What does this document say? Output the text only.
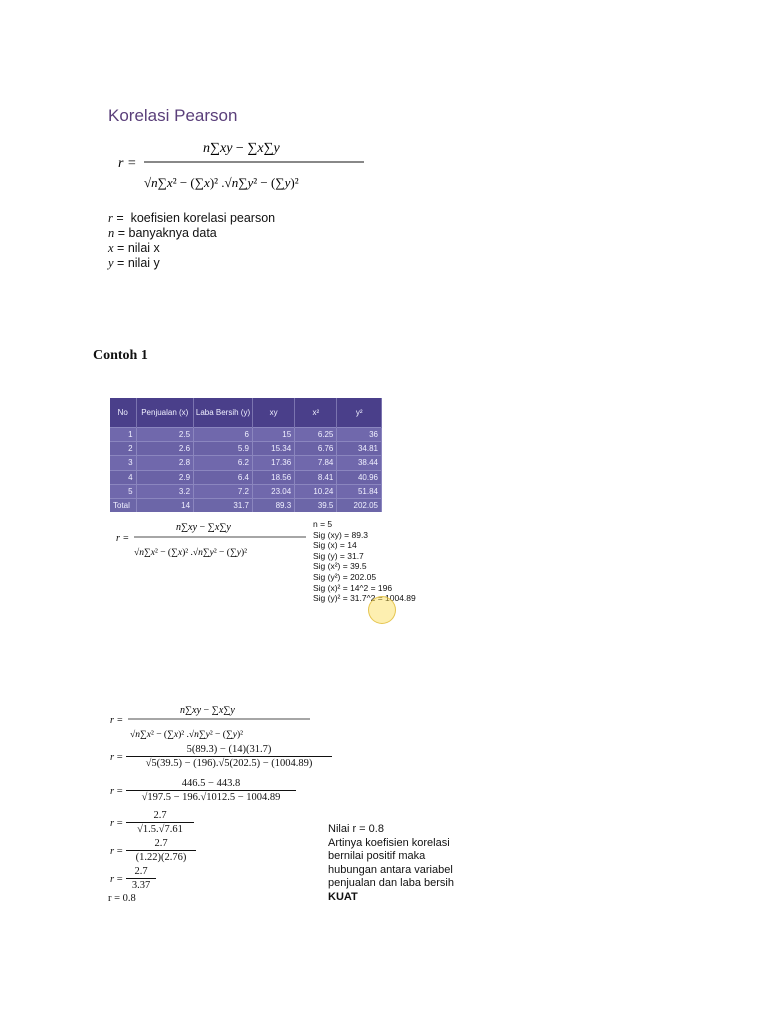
Korelasi Pearson
r =
n∑xy − ∑x∑y
√n∑x² − (∑x)² .√n∑y² − (∑y)²
r =  koefisien korelasi pearson
n = banyaknya data
x = nilai x
y = nilai y
Contoh 1
No	Penjualan (x)	Laba Bersih (y)	xy	x²	y²
1	2.5	6	15	6.25	36
2	2.6	5.9	15.34	6.76	34.81
3	2.8	6.2	17.36	7.84	38.44
4	2.9	6.4	18.56	8.41	40.96
5	3.2	7.2	23.04	10.24	51.84
Total	14	31.7	89.3	39.5	202.05
r =
n∑xy − ∑x∑y
√n∑x² − (∑x)² .√n∑y² − (∑y)²
n = 5
Sig (xy) = 89.3
Sig (x) = 14
Sig (y) = 31.7
Sig (x²) = 39.5
Sig (y²) = 202.05
Sig (x)² = 14^2 = 196
Sig (y)² = 31.7^2 = 1004.89
r =
n∑xy − ∑x∑y
√n∑x² − (∑x)² .√n∑y² − (∑y)²
r =
5(89.3) − (14)(31.7)
√5(39.5) − (196).√5(202.5) − (1004.89)
r =
446.5 − 443.8
√197.5 − 196.√1012.5 − 1004.89
r =
2.7
√1.5.√7.61
r =
2.7
(1.22)(2.76)
r =
2.7
3.37
r = 0.8
Nilai r = 0.8
Artinya koefisien korelasi
bernilai positif maka
hubungan antara variabel
penjualan dan laba bersih
KUAT
